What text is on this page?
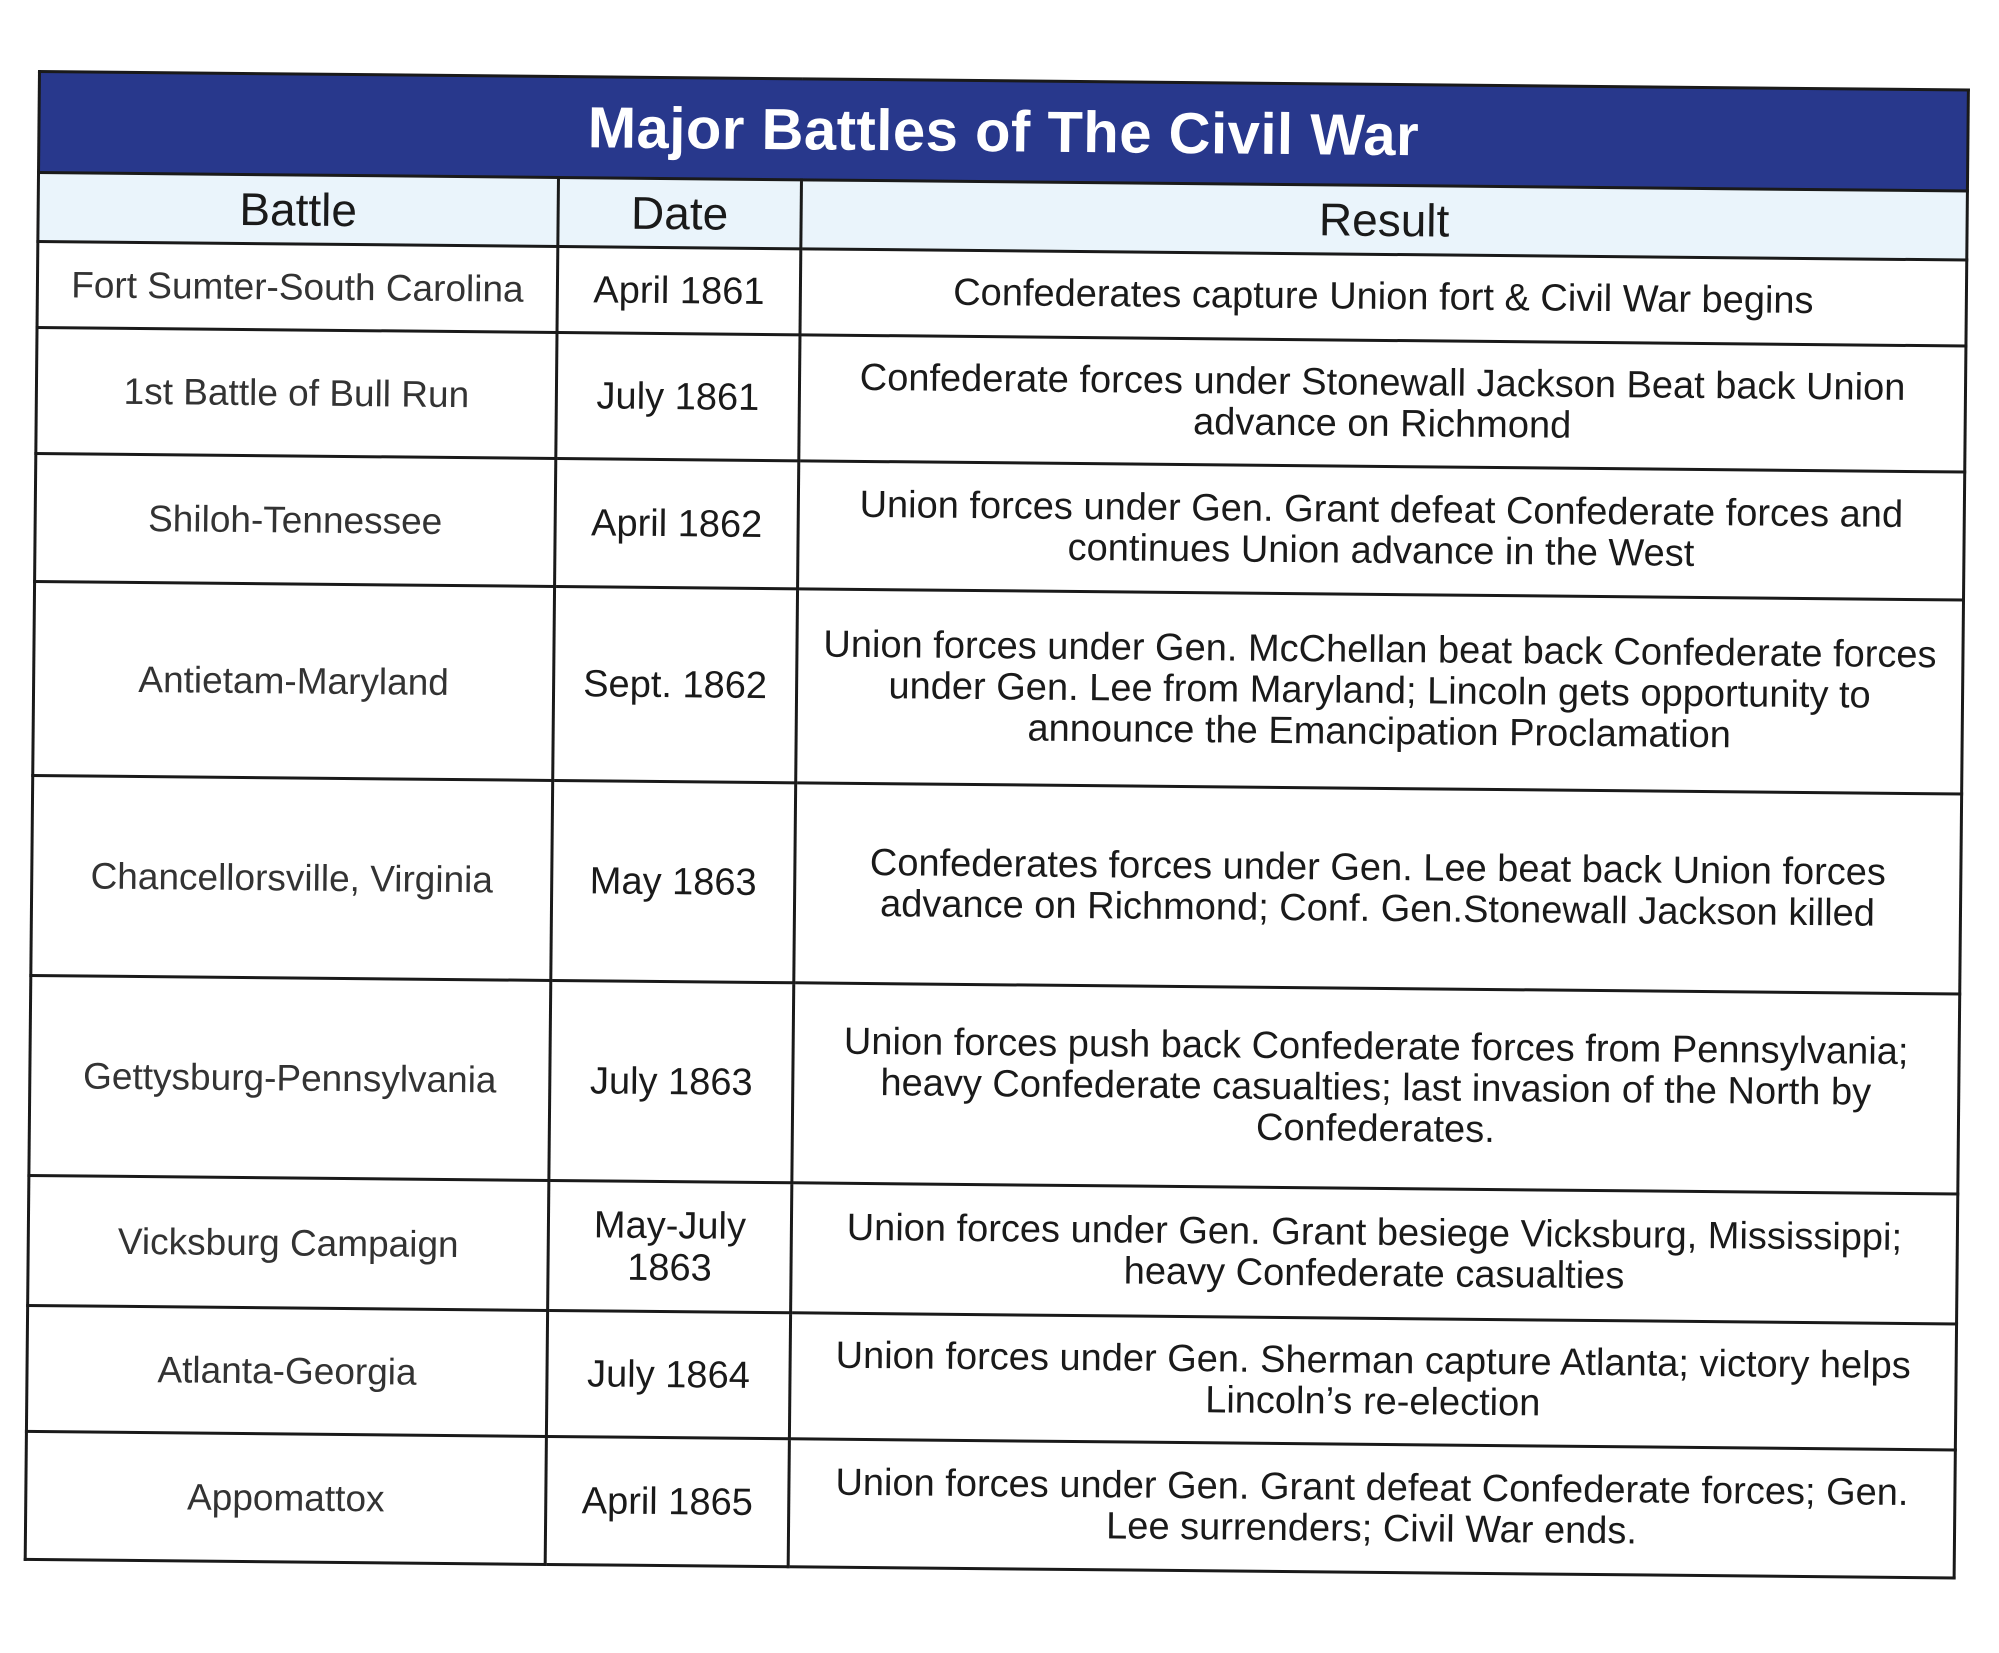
Major Battles of The Civil War		
Battle	Date	Result
Fort Sumter-South Carolina	April 1861	Confederates capture Union fort & Civil War begins
1st Battle of Bull Run	July 1861	Confederate forces under Stonewall Jackson Beat back Union advance on Richmond
Shiloh-Tennessee	April 1862	Union forces under Gen. Grant defeat Confederate forces and continues Union advance in the West
Antietam-Maryland	Sept. 1862	Union forces under Gen. McChellan beat back Confederate forces under Gen. Lee from Maryland; Lincoln gets opportunity to announce the Emancipation Proclamation
Chancellorsville, Virginia	May 1863	Confederates forces under Gen. Lee beat back Union forces advance on Richmond; Conf. Gen.Stonewall Jackson killed
Gettysburg-Pennsylvania	July 1863	Union forces push back Confederate forces from Pennsylvania; heavy Confederate casualties; last invasion of the North by Confederates.
Vicksburg Campaign	May-July 1863	Union forces under Gen. Grant besiege Vicksburg, Mississippi; heavy Confederate casualties
Atlanta-Georgia	July 1864	Union forces under Gen. Sherman capture Atlanta; victory helps Lincoln’s re-election
Appomattox	April 1865	Union forces under Gen. Grant defeat Confederate forces; Gen. Lee surrenders; Civil War ends.
